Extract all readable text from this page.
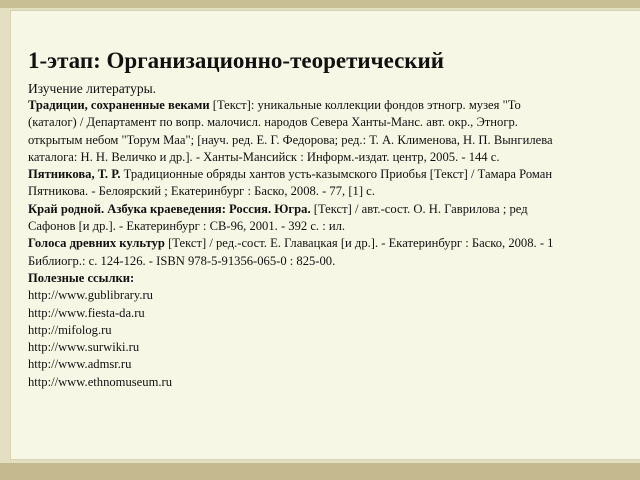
1-этап: Организационно-теоретический
Изучение литературы.
Традиции, сохраненные веками [Текст]: уникальные коллекции фондов этногр. музея "То
(каталог) / Департамент по вопр. малочисл. народов Севера Ханты-Манс. авт. окр., Этногр.
открытым небом "Торум Маа"; [науч. ред. Е. Г. Федорова; ред.: Т. А. Клименова, Н. П. Вынгилева
каталога: Н. Н. Величко и др.]. - Ханты-Мансийск : Информ.-издат. центр, 2005. - 144 с.
Пятникова, Т. Р. Традиционные обряды хантов усть-казымского Приобья [Текст] / Тамара Роман
Пятникова. - Белоярский ; Екатеринбург : Баско, 2008. - 77, [1] с.
Край родной. Азбука краеведения: Россия. Югра. [Текст] / авт.-сост. О. Н. Гаврилова ; ред
Сафонов [и др.]. - Екатеринбург : СВ-96, 2001. - 392 с. : ил.
Голоса древних культур [Текст] / ред.-сост. Е. Главацкая [и др.]. - Екатеринбург : Баско, 2008. - 1
Библиогр.: с. 124-126. - ISBN 978-5-91356-065-0 : 825-00.
Полезные ссылки:
http://www.gublibrary.ru
http://www.fiesta-da.ru
http://mifolog.ru
http://www.surwiki.ru
http://www.admsr.ru
http://www.ethnomuseum.ru
